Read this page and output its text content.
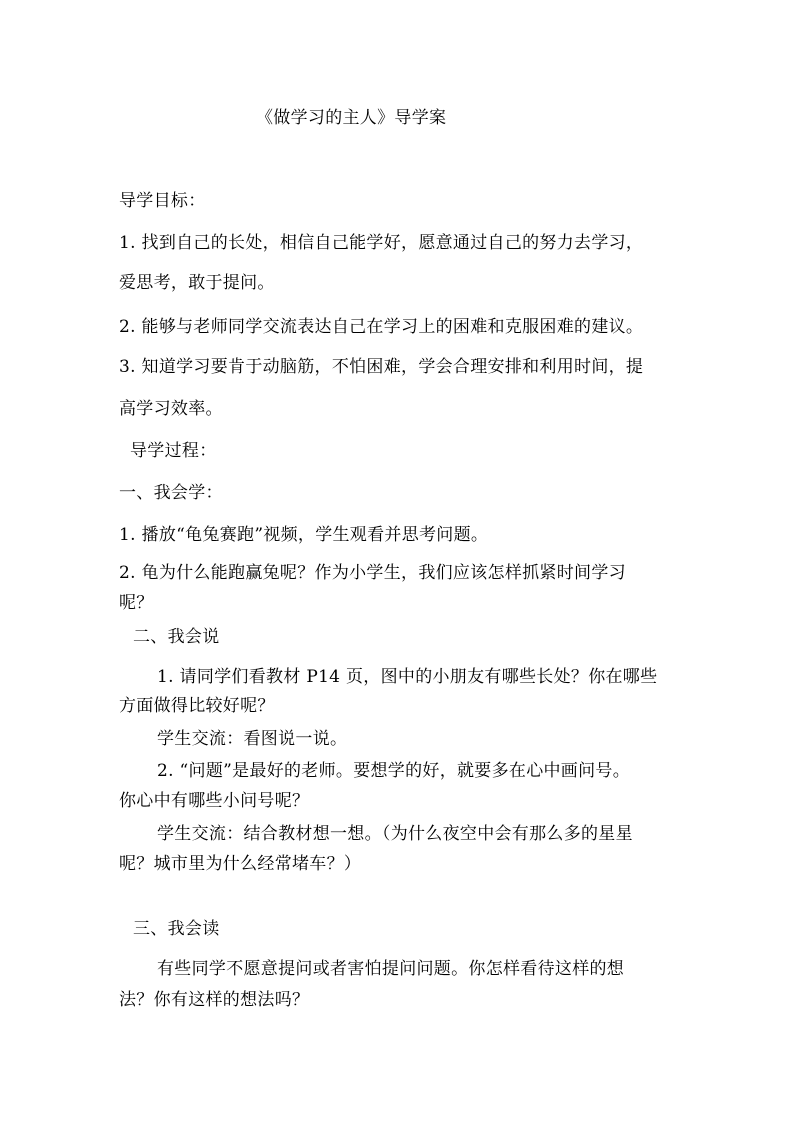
《做学习的主人》导学案
导学目标：
1. 找到自己的长处，相信自己能学好，愿意通过自己的努力去学习，
爱思考，敢于提问。
2. 能够与老师同学交流表达自己在学习上的困难和克服困难的建议。
3. 知道学习要肯于动脑筋，不怕困难，学会合理安排和利用时间，提
高学习效率。
导学过程：
一、我会学：
1. 播放“龟兔赛跑”视频，学生观看并思考问题。
2. 龟为什么能跑赢兔呢？作为小学生，我们应该怎样抓紧时间学习
呢？
二、我会说
1. 请同学们看教材 P14 页，图中的小朋友有哪些长处？你在哪些
方面做得比较好呢？
学生交流：看图说一说。
2. “问题”是最好的老师。要想学的好，就要多在心中画问号。
你心中有哪些小问号呢？
学生交流：结合教材想一想。（为什么夜空中会有那么多的星星
呢？城市里为什么经常堵车？）
三、我会读
有些同学不愿意提问或者害怕提问问题。你怎样看待这样的想
法？你有这样的想法吗？
